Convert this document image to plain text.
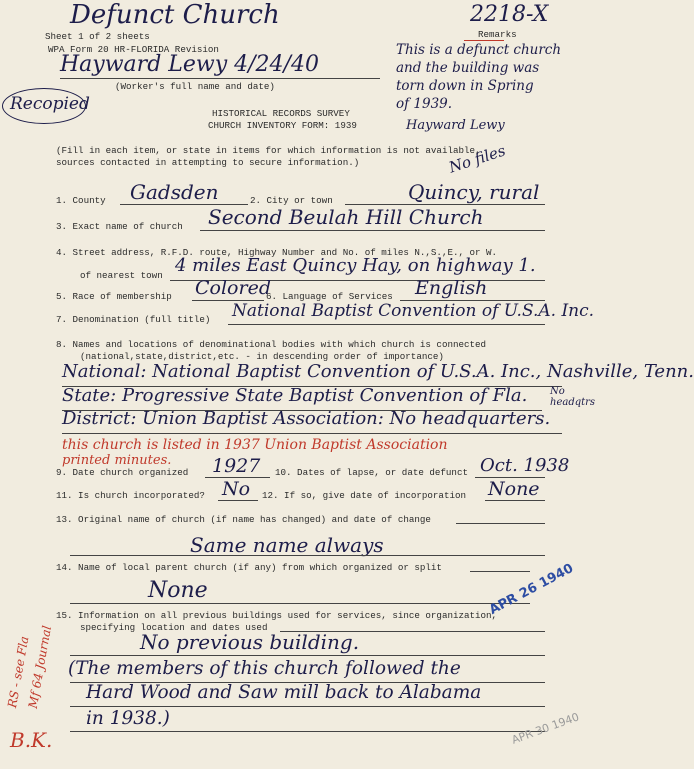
Defunct Church	2218-X
Sheet 1 of 2 sheets
WPA Form 20 HR-FLORIDA Revision
Hayward Lewy 4/24/40
(Worker's full name and date)
Recopied	HISTORICAL RECORDS SURVEY
CHURCH INVENTORY FORM: 1939
Remarks
This is a defunct church
and the building was
torn down in Spring
of 1939.
Hayward Lewy
(Fill in each item, or state in items for which information is not available,
sources contacted in attempting to secure information.)	No files
1. County Gadsden	2. City or town	Quincy, rural
3. Exact name of church Second Beulah Hill Church
4. Street address, R.F.D. route, Highway Number and No. of miles N.,S.,E., or W.
of nearest town 4 miles East Quincy Hay, on highway 1.
5. Race of membership Colored
6. Language of Services English
7. Denomination (full title) National Baptist Convention of U.S.A. Inc.
8. Names and locations of denominational bodies with which church is connected
(national,state,district,etc. - in descending order of importance)
National: National Baptist Convention of U.S.A. Inc., Nashville, Tenn.
State: Progressive State Baptist Convention of Fla. No headqtrs
District: Union Baptist Association: No headquarters.
this church is listed in 1937 Union Baptist Association
printed minutes.
9. Date church organized 1927 10. Dates of lapse, or date defunct Oct. 1938
11. Is church incorporated? No 12. If so, give date of incorporation None
13. Original name of church (if name has changed) and date of change
Same name always
14. Name of local parent church (if any) from which organized or split
None	APR 26 1940
15. Information on all previous buildings used for services, since organization,
specifying location and dates used
No previous building.
(The members of this church followed the
Hard Wood and Saw mill back to Alabama
in 1938.)
RS - see Fla
Mf 64 Journal
B.K.	APR 30 1940
